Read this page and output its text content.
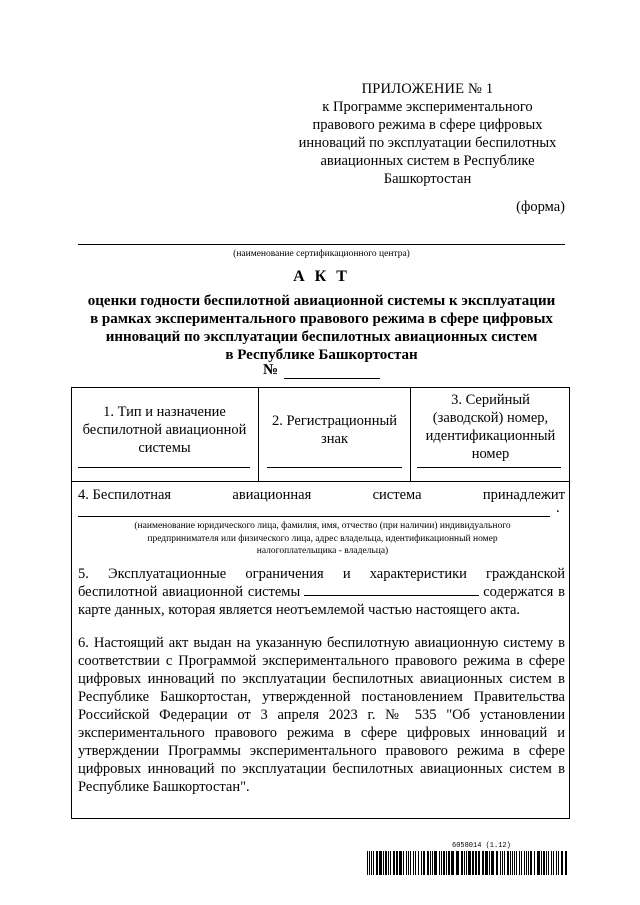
ПРИЛОЖЕНИЕ № 1
к Программе экспериментального
правового режима в сфере цифровых
инноваций по эксплуатации беспилотных
авиационных систем в Республике
Башкортостан
(форма)
(наименование сертификационного центра)
А К Т
оценки годности беспилотной авиационной системы к эксплуатации
в рамках экспериментального правового режима в сфере цифровых
инноваций по эксплуатации беспилотных авиационных систем
в Республике Башкортостан
№
1. Тип и назначение
беспилотной авиационной
системы
2. Регистрационный
знак
3. Серийный
(заводской) номер,
идентификационный
номер
4. Беспилотная	авиационная	система	принадлежит
.
(наименование юридического лица, фамилия, имя, отчество (при наличии) индивидуального
предпринимателя или физического лица, адрес владельца, идентификационный номер
налогоплательщика - владельца)
5. Эксплуатационные ограничения и характеристики гражданской беспилотной авиационной системы	содержатся в карте данных, которая является неотъемлемой частью настоящего акта.
6. Настоящий акт выдан на указанную беспилотную авиационную систему в соответствии с Программой экспериментального правового режима в сфере цифровых инноваций по эксплуатации беспилотных авиационных систем в Республике Башкортостан, утвержденной постановлением Правительства Российской Федерации от 3 апреля 2023 г. № 535 "Об установлении экспериментального правового режима в сфере цифровых инноваций и утверждении Программы экспериментального правового режима в сфере цифровых инноваций по эксплуатации беспилотных авиационных систем в Республике Башкортостан".
6058014 (1.12)
